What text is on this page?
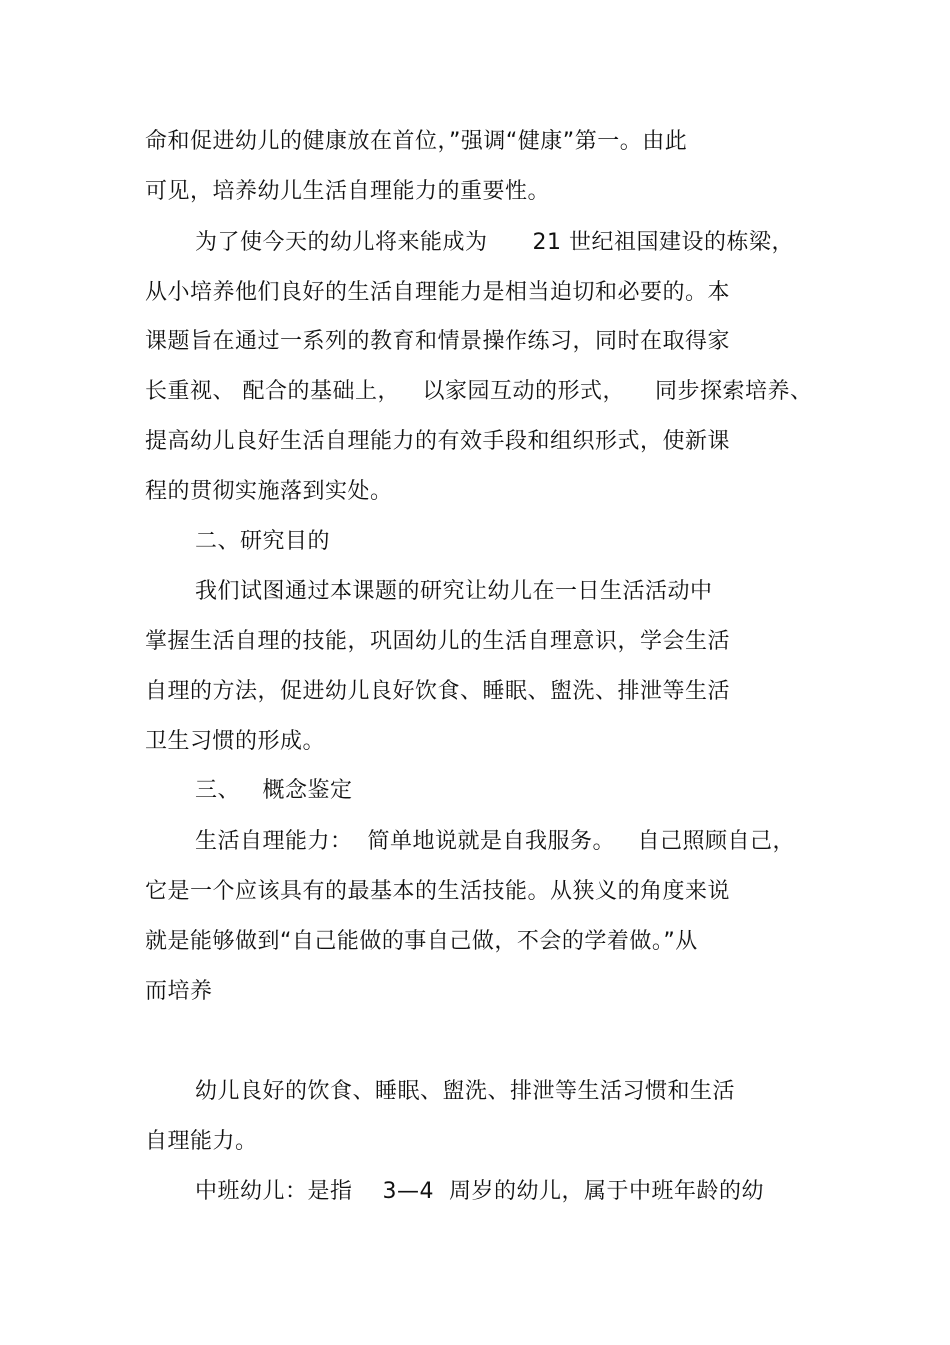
命和促进幼儿的健康放在首位，”强调“健康”第一。由此
可见，培养幼儿生活自理能力的重要性。
为了使今天的幼儿将来能成为      21 世纪祖国建设的栋梁，
从小培养他们良好的生活自理能力是相当迫切和必要的。本
课题旨在通过一系列的教育和情景操作练习，同时在取得家
长重视、 配合的基础上，   以家园互动的形式，    同步探索培养、
提高幼儿良好生活自理能力的有效手段和组织形式，使新课
程的贯彻实施落到实处。
二、研究目的
我们试图通过本课题的研究让幼儿在一日生活活动中
掌握生活自理的技能，巩固幼儿的生活自理意识，学会生活
自理的方法，促进幼儿良好饮食、睡眠、盥洗、排泄等生活
卫生习惯的形成。
三、   概念鉴定
生活自理能力：  简单地说就是自我服务。   自己照顾自己，
它是一个应该具有的最基本的生活技能。从狭义的角度来说
就是能够做到“自己能做的事自己做，不会的学着做。”从
而培养
幼儿良好的饮食、睡眠、盥洗、排泄等生活习惯和生活
自理能力。
中班幼儿：是指    3—4  周岁的幼儿，属于中班年龄的幼
